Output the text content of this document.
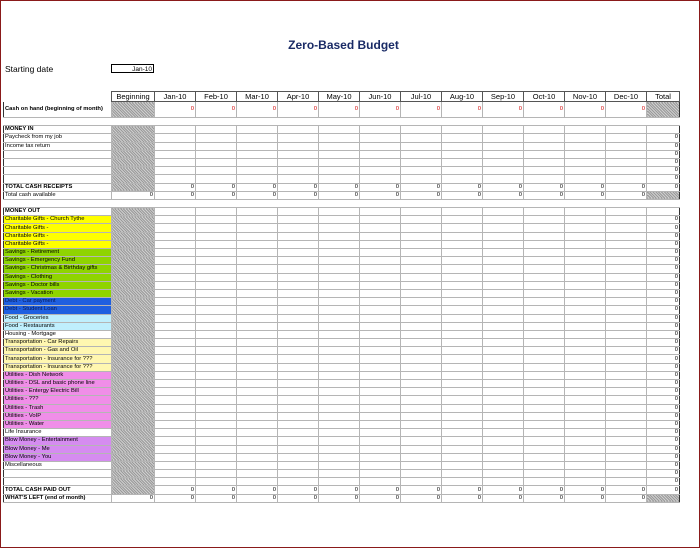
Zero-Based Budget
Starting date	Jan-10
	Beginning	Jan-10	Feb-10	Mar-10	Apr-10	May-10	Jun-10	Jul-10	Aug-10	Sep-10	Oct-10	Nov-10	Dec-10	Total
Cash on hand (beginning of month)		0	0	0	0	0	0	0	0	0	0	0	0	

MONEY IN														
Paycheck from my job														0
Income tax return														0
														0
														0
														0
														0
TOTAL CASH RECEIPTS		0	0	0	0	0	0	0	0	0	0	0	0	0
Total cash available	0	0	0	0	0	0	0	0	0	0	0	0	0	

MONEY OUT														
Charitable Gifts - Church Tythe														0
Charitable Gifts -														0
Charitable Gifts -														0
Charitable Gifts -														0
Savings - Retirement														0
Savings - Emergency Fund														0
Savings - Christmas & Birthday gifts														0
Savings - Clothing														0
Savings - Doctor bills														0
Savings - Vacation														0
Debt - Car payment														0
Debt - Student Loan														0
Food - Groceries														0
Food - Restaurants														0
Housing - Mortgage														0
Transportation - Car Repairs														0
Transportation - Gas and Oil														0
Transportation - Insurance for ???														0
Transportation - Insurance for ???														0
Utilities - Dish Network														0
Utilities - DSL and basic phone line														0
Utilities - Entergy Electric Bill														0
Utilities - ???														0
Utilities - Trash														0
Utilities - VoIP														0
Utilities - Water														0
Life Insurance														0
Blow Money - Entertainment														0
Blow Money - Me														0
Blow Money - You														0
Miscellaneous														0
														0
														0
TOTAL CASH PAID OUT		0	0	0	0	0	0	0	0	0	0	0	0	0
WHAT'S LEFT (end of month)	0	0	0	0	0	0	0	0	0	0	0	0	0	
